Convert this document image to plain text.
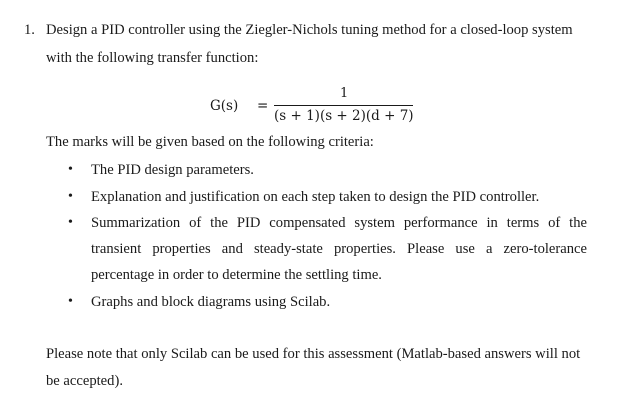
1. Design a PID controller using the Ziegler-Nichols tuning method for a closed-loop system
with the following transfer function:
G(s) =
1
(s + 1)(s + 2)(d + 7)
The marks will be given based on the following criteria:
• The PID design parameters.
• Explanation and justification on each step taken to design the PID controller.
• Summarization of the PID compensated system performance in terms of the
transient properties and steady-state properties. Please use a zero-tolerance
percentage in order to determine the settling time.
• Graphs and block diagrams using Scilab.
Please note that only Scilab can be used for this assessment (Matlab-based answers will not
be accepted).
